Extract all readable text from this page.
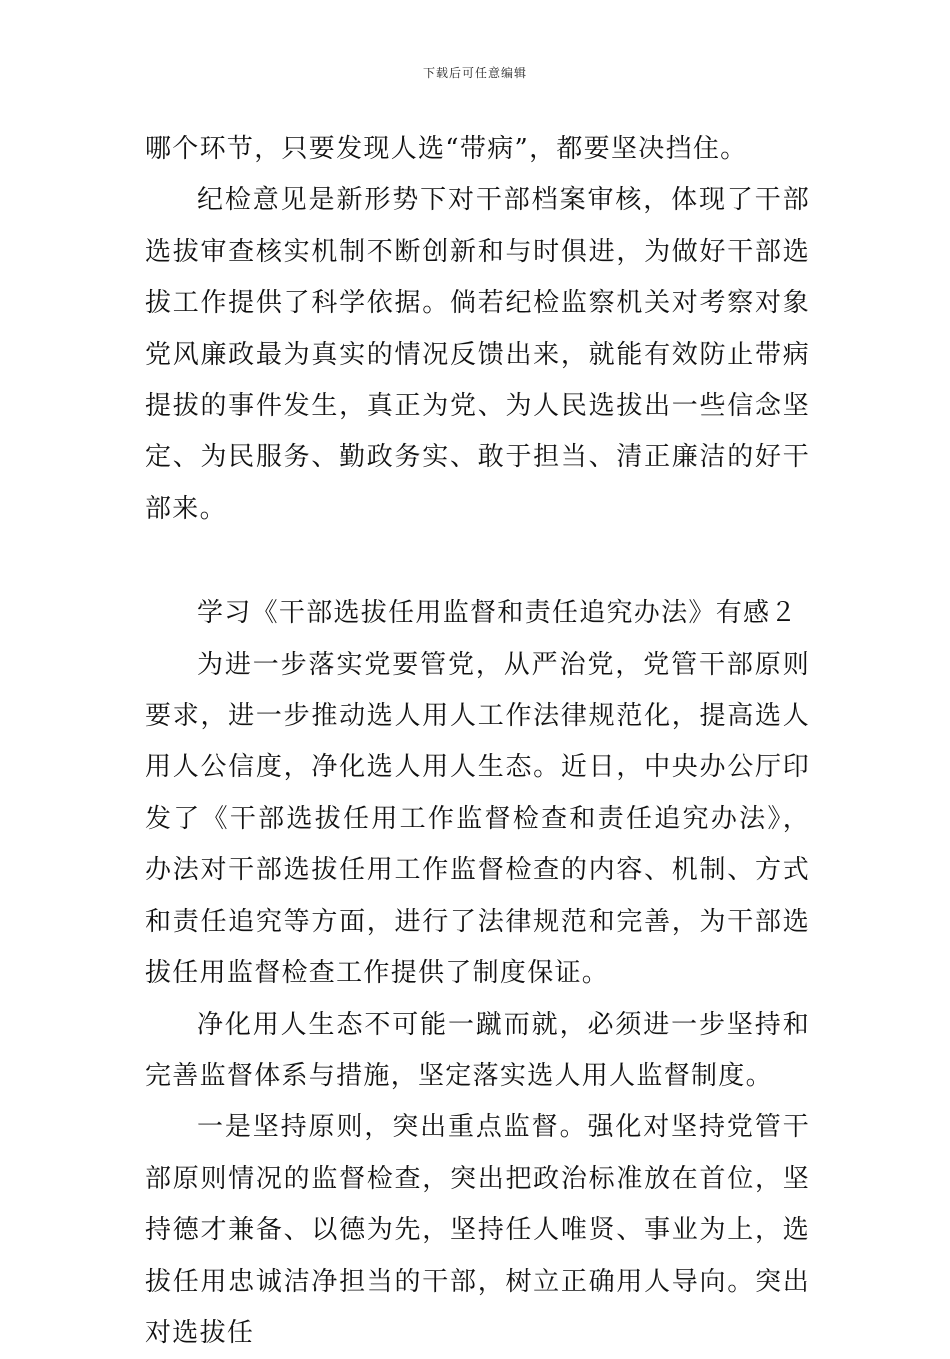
下载后可任意编辑

哪个环节，只要发现人选“带病”，都要坚决挡住。

纪检意见是新形势下对干部档案审核，体现了干部选拔审查核实机制不断创新和与时俱进，为做好干部选拔工作提供了科学依据。倘若纪检监察机关对考察对象党风廉政最为真实的情况反馈出来，就能有效防止带病提拔的事件发生，真正为党、为人民选拔出一些信念坚定、为民服务、勤政务实、敢于担当、清正廉洁的好干部来。

学习《干部选拔任用监督和责任追究办法》有感２

为进一步落实党要管党，从严治党，党管干部原则要求，进一步推动选人用人工作法律规范化，提高选人用人公信度，净化选人用人生态。近日，中央办公厅印发了《干部选拔任用工作监督检查和责任追究办法》，办法对干部选拔任用工作监督检查的内容、机制、方式和责任追究等方面，进行了法律规范和完善，为干部选拔任用监督检查工作提供了制度保证。

净化用人生态不可能一蹴而就，必须进一步坚持和完善监督体系与措施，坚定落实选人用人监督制度。

一是坚持原则，突出重点监督。强化对坚持党管干部原则情况的监督检查，突出把政治标准放在首位，坚持德才兼备、以德为先，坚持任人唯贤、事业为上，选拔任用忠诚洁净担当的干部，树立正确用人导向。突出对选拔任
